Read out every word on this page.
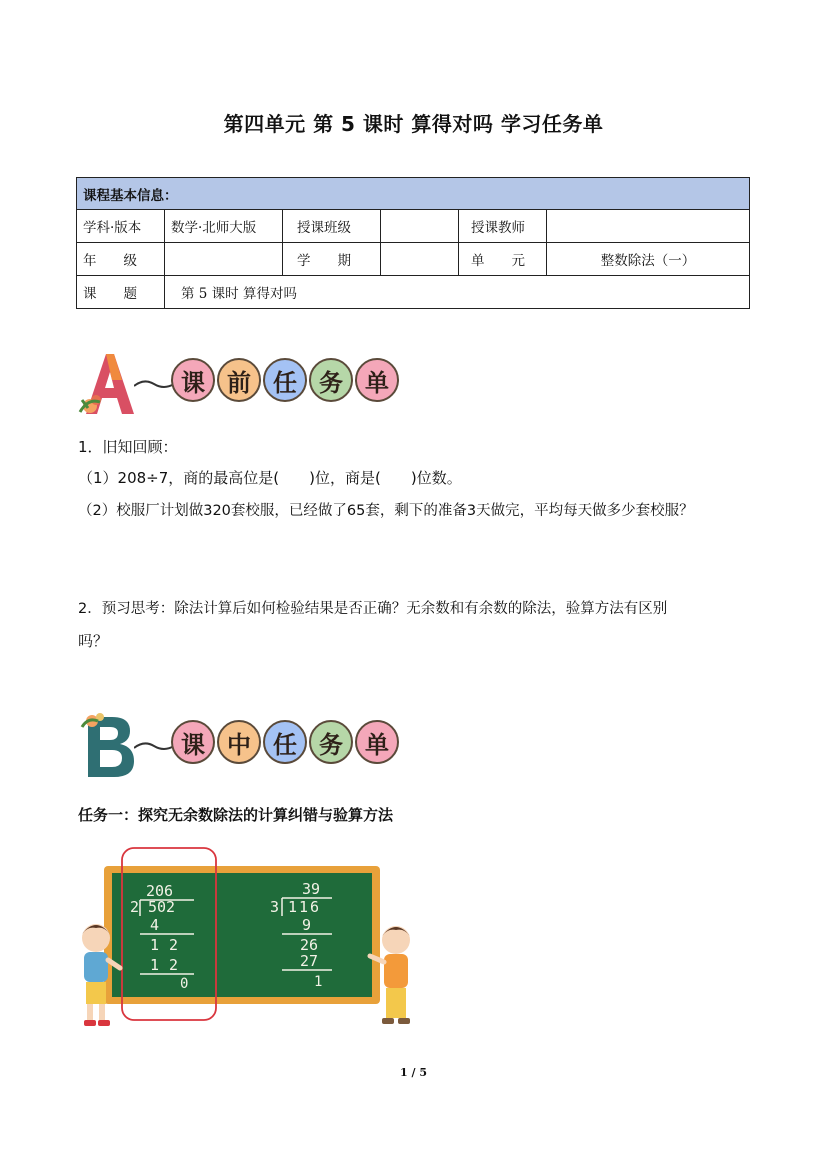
第四单元 第 5 课时 算得对吗 学习任务单
课程基本信息：					
学科·版本	数学·北师大版	授课班级		授课教师	
年　　级		学　　期		单　　元	整数除法（一）
课　　题	第 5 课时 算得对吗				
课 前 任 务 单
1．旧知回顾：
（1）208÷7，商的最高位是(　　)位，商是(　　)位数。
（2）校服厂计划做320套校服，已经做了65套，剩下的准备3天做完，平均每天做多少套校服？
2．预习思考：除法计算后如何检验结果是否正确？无余数和有余数的除法，验算方法有区别
吗？
课 中 任 务 单
任务一：探究无余数除法的计算纠错与验算方法
206
2 502
4
12
12
0
39
3 116
9
26
27
1
1 / 5
